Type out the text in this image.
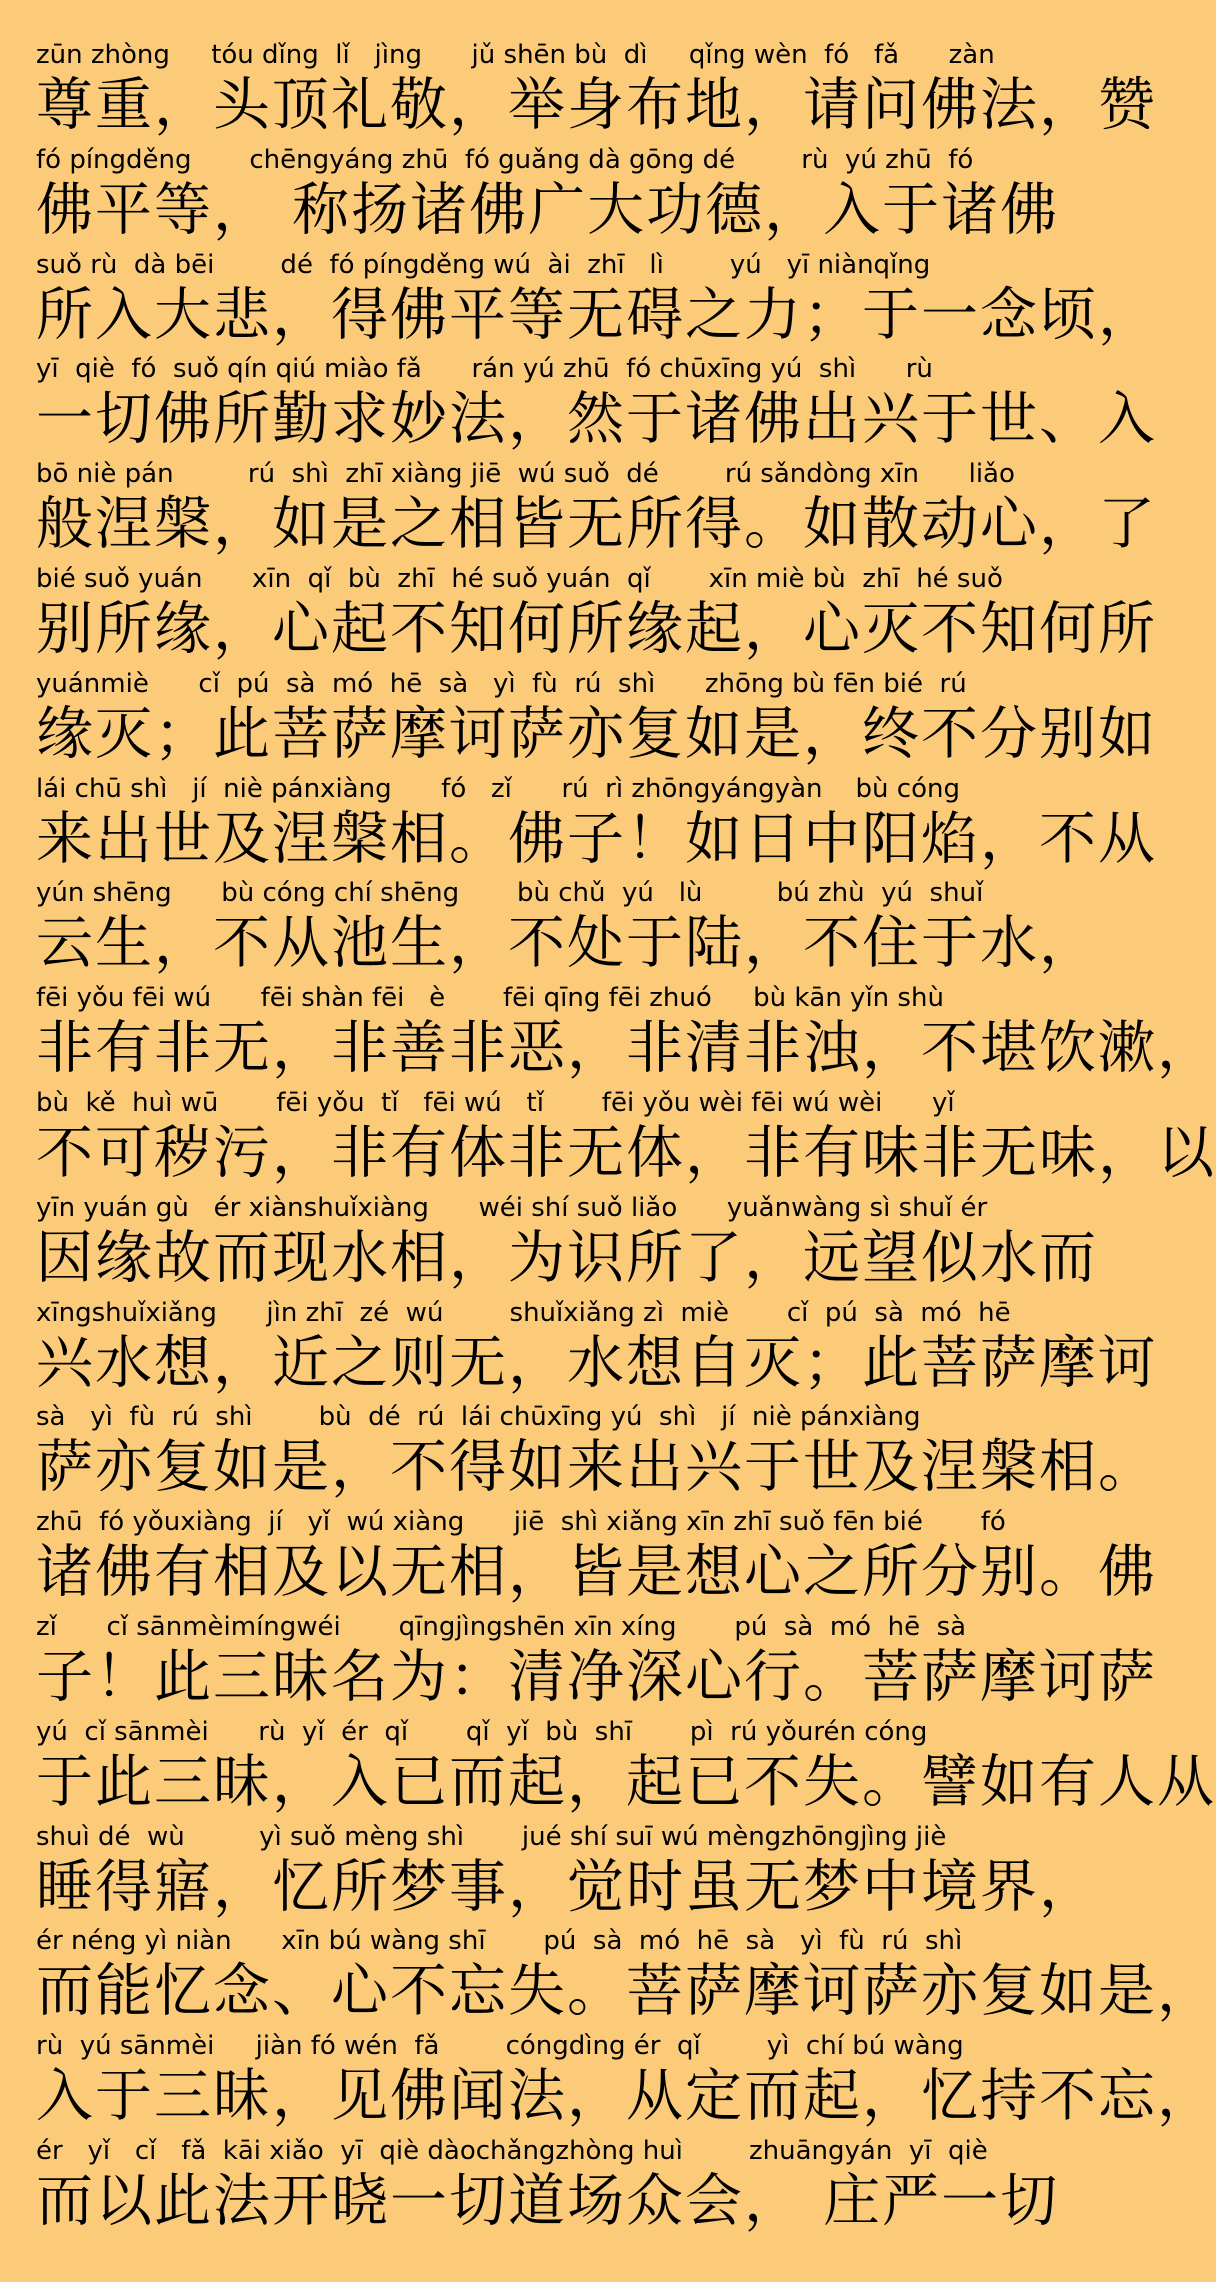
zūn zhòng     tóu dǐng  lǐ   jìng      jǔ shēn bù  dì     qǐng wèn  fó   fǎ      zàn
尊重，头顶礼敬，举身布地，请问佛法，赞
fó píngděng       chēngyáng zhū  fó guǎng dà gōng dé        rù  yú zhū  fó
佛平等， 称扬诸佛广大功德，入于诸佛
suǒ rù  dà bēi        dé  fó píngděng wú  ài  zhī   lì        yú   yī niànqǐng
所入大悲，得佛平等无碍之力；于一念顷，
yī  qiè  fó  suǒ qín qiú miào fǎ      rán yú zhū  fó chūxīng yú  shì      rù
一切佛所勤求妙法，然于诸佛出兴于世、入
bō niè pán         rú  shì  zhī xiàng jiē  wú suǒ  dé        rú sǎndòng xīn      liǎo
般涅槃，如是之相皆无所得。如散动心，了
bié suǒ yuán      xīn  qǐ  bù  zhī  hé suǒ yuán  qǐ       xīn miè bù  zhī  hé suǒ
别所缘，心起不知何所缘起，心灭不知何所
yuánmiè      cǐ  pú  sà  mó  hē  sà   yì  fù  rú  shì      zhōng bù fēn bié  rú
缘灭；此菩萨摩诃萨亦复如是，终不分别如
lái chū shì   jí  niè pánxiàng      fó   zǐ      rú  rì zhōngyángyàn    bù cóng
来出世及涅槃相。佛子！如日中阳焰，不从
yún shēng      bù cóng chí shēng       bù chǔ  yú   lù         bú zhù  yú  shuǐ
云生，不从池生，不处于陆，不住于水，
fēi yǒu fēi wú      fēi shàn fēi   è       fēi qīng fēi zhuó     bù kān yǐn shù
非有非无，非善非恶，非清非浊，不堪饮漱，
bù  kě  huì wū       fēi yǒu  tǐ   fēi wú   tǐ       fēi yǒu wèi fēi wú wèi      yǐ
不可秽污，非有体非无体，非有味非无味，以
yīn yuán gù   ér xiànshuǐxiàng      wéi shí suǒ liǎo      yuǎnwàng sì shuǐ ér
因缘故而现水相，为识所了，远望似水而
xīngshuǐxiǎng      jìn zhī  zé  wú        shuǐxiǎng zì  miè       cǐ  pú  sà  mó  hē
兴水想，近之则无，水想自灭；此菩萨摩诃
sà   yì  fù  rú  shì        bù  dé  rú  lái chūxīng yú  shì   jí  niè pánxiàng
萨亦复如是，不得如来出兴于世及涅槃相。
zhū  fó yǒuxiàng  jí   yǐ  wú xiàng      jiē  shì xiǎng xīn zhī suǒ fēn bié       fó
诸佛有相及以无相，皆是想心之所分别。佛
zǐ      cǐ sānmèimíngwéi       qīngjìngshēn xīn xíng       pú  sà  mó  hē  sà
子！此三昧名为：清净深心行。菩萨摩诃萨
yú  cǐ sānmèi      rù  yǐ  ér  qǐ       qǐ  yǐ  bù  shī       pì  rú yǒurén cóng
于此三昧，入已而起，起已不失。譬如有人从
shuì dé  wù         yì suǒ mèng shì       jué shí suī wú mèngzhōngjìng jiè
睡得寤，忆所梦事，觉时虽无梦中境界，
ér néng yì niàn      xīn bú wàng shī       pú  sà  mó  hē  sà   yì  fù  rú  shì
而能忆念、心不忘失。菩萨摩诃萨亦复如是，
rù  yú sānmèi     jiàn fó wén  fǎ        cóngdìng ér  qǐ        yì  chí bú wàng
入于三昧，见佛闻法，从定而起，忆持不忘，
ér   yǐ   cǐ   fǎ  kāi xiǎo  yī  qiè dàochǎngzhòng huì        zhuāngyán  yī  qiè
而以此法开晓一切道场众会， 庄严一切
